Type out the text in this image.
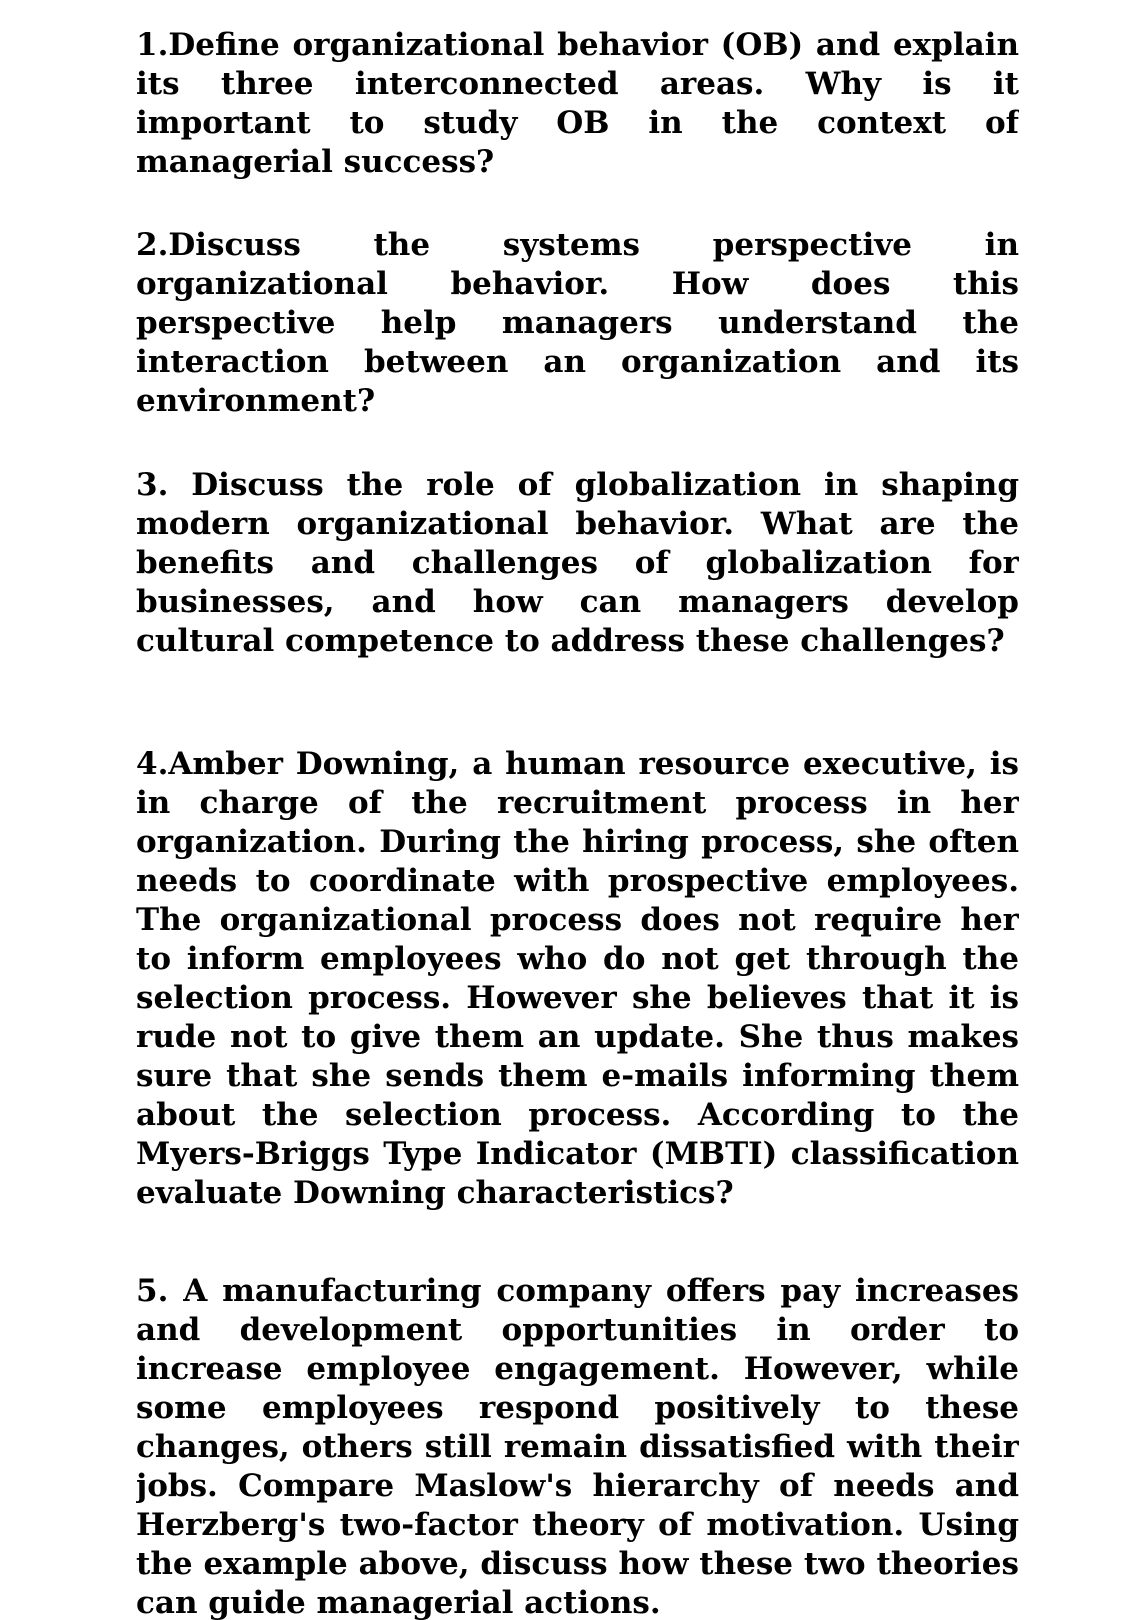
1.Define organizational behavior (OB) and explain its three interconnected areas. Why is it important to study OB in the context of managerial success?

2.Discuss the systems perspective in organizational behavior. How does this perspective help managers understand the interaction between an organization and its environment?

3. Discuss the role of globalization in shaping modern organizational behavior. What are the benefits and challenges of globalization for businesses, and how can managers develop cultural competence to address these challenges?

4.Amber Downing, a human resource executive, is in charge of the recruitment process in her organization. During the hiring process, she often needs to coordinate with prospective employees. The organizational process does not require her to inform employees who do not get through the selection process. However she believes that it is rude not to give them an update. She thus makes sure that she sends them e-mails informing them about the selection process. According to the Myers-Briggs Type Indicator (MBTI) classification evaluate Downing characteristics?

5. A manufacturing company offers pay increases and development opportunities in order to increase employee engagement. However, while some employees respond positively to these changes, others still remain dissatisfied with their jobs. Compare Maslow's hierarchy of needs and Herzberg's two-factor theory of motivation. Using the example above, discuss how these two theories can guide managerial actions.
